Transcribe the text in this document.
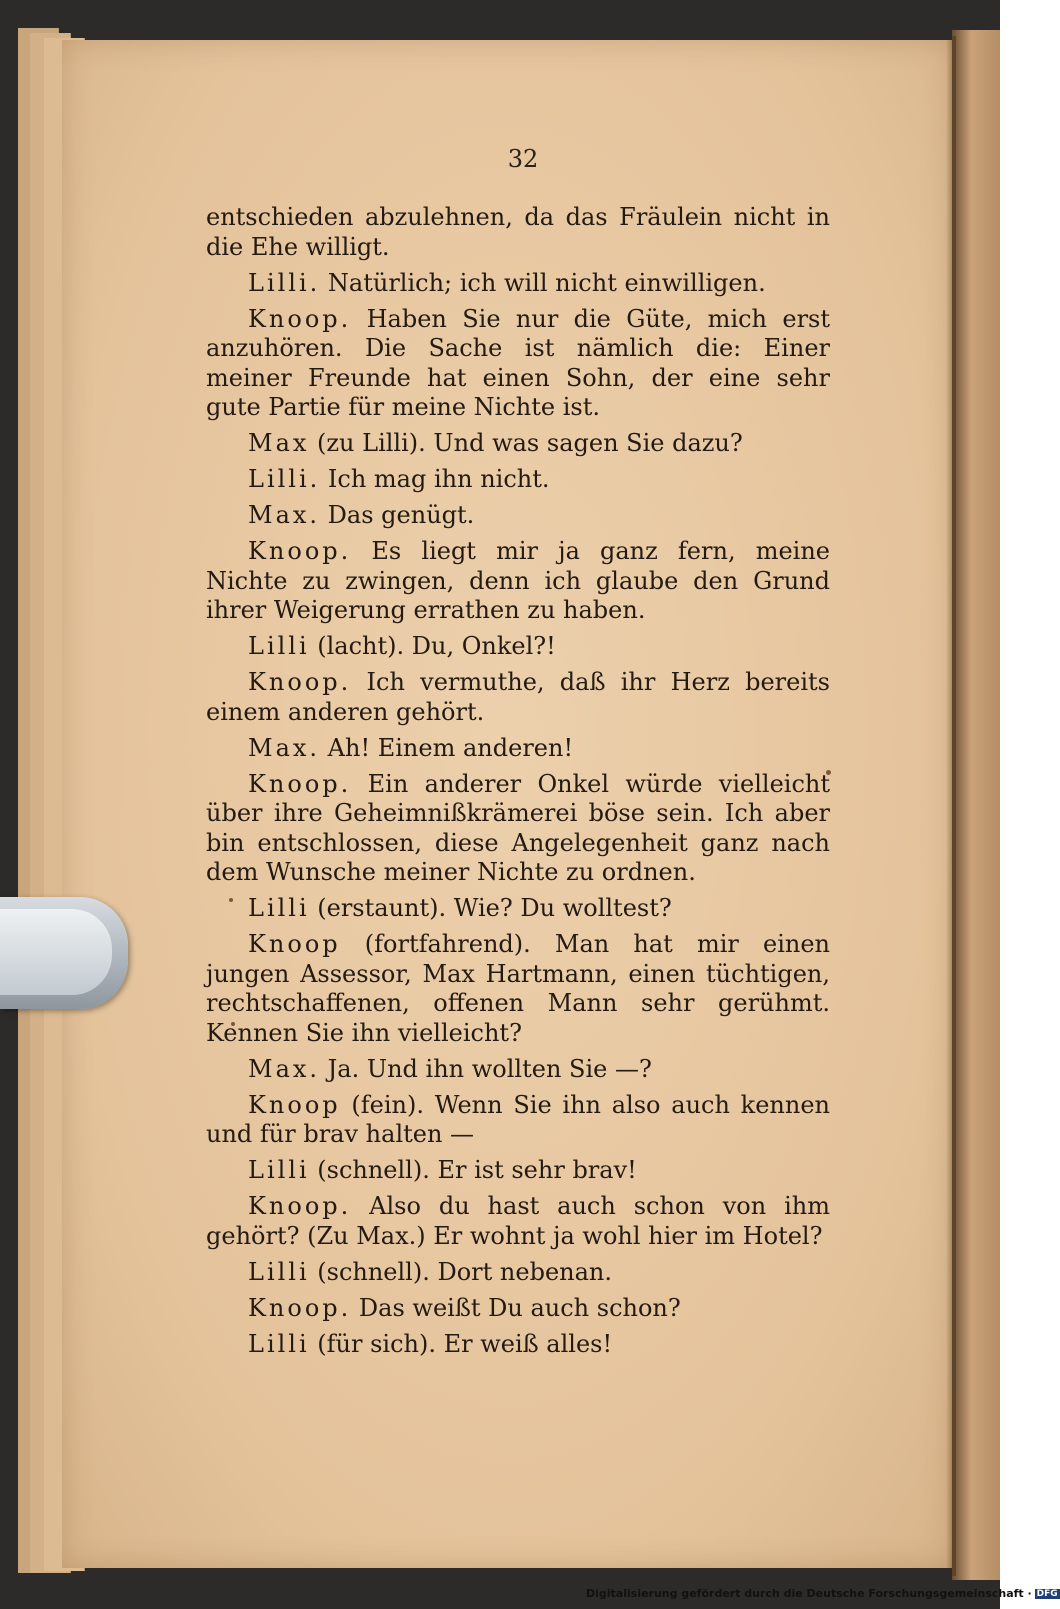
32

entschieden abzulehnen, da das Fräulein nicht in die Ehe willigt.

Lilli. Natürlich; ich will nicht einwilligen.

Knoop. Haben Sie nur die Güte, mich erst anzuhören. Die Sache ist nämlich die: Einer meiner Freunde hat einen Sohn, der eine sehr gute Partie für meine Nichte ist.

Max (zu Lilli). Und was sagen Sie dazu?

Lilli. Ich mag ihn nicht.

Max. Das genügt.

Knoop. Es liegt mir ja ganz fern, meine Nichte zu zwingen, denn ich glaube den Grund ihrer Weigerung errathen zu haben.

Lilli (lacht). Du, Onkel?!

Knoop. Ich vermuthe, daß ihr Herz bereits einem anderen gehört.

Max. Ah! Einem anderen!

Knoop. Ein anderer Onkel würde vielleicht über ihre Geheimnißkrämerei böse sein. Ich aber bin entschlossen, diese Angelegenheit ganz nach dem Wunsche meiner Nichte zu ordnen.

Lilli (erstaunt). Wie? Du wolltest?

Knoop (fortfahrend). Man hat mir einen jungen Assessor, Max Hartmann, einen tüchtigen, rechtschaffenen, offenen Mann sehr gerühmt. Kennen Sie ihn vielleicht?

Max. Ja. Und ihn wollten Sie —?

Knoop (fein). Wenn Sie ihn also auch kennen und für brav halten —

Lilli (schnell). Er ist sehr brav!

Knoop. Also du hast auch schon von ihm gehört? (Zu Max.) Er wohnt ja wohl hier im Hotel?

Lilli (schnell). Dort nebenan.

Knoop. Das weißt Du auch schon?

Lilli (für sich). Er weiß alles!

Digitalisierung gefördert durch die Deutsche Forschungsgemeinschaft · DFG
